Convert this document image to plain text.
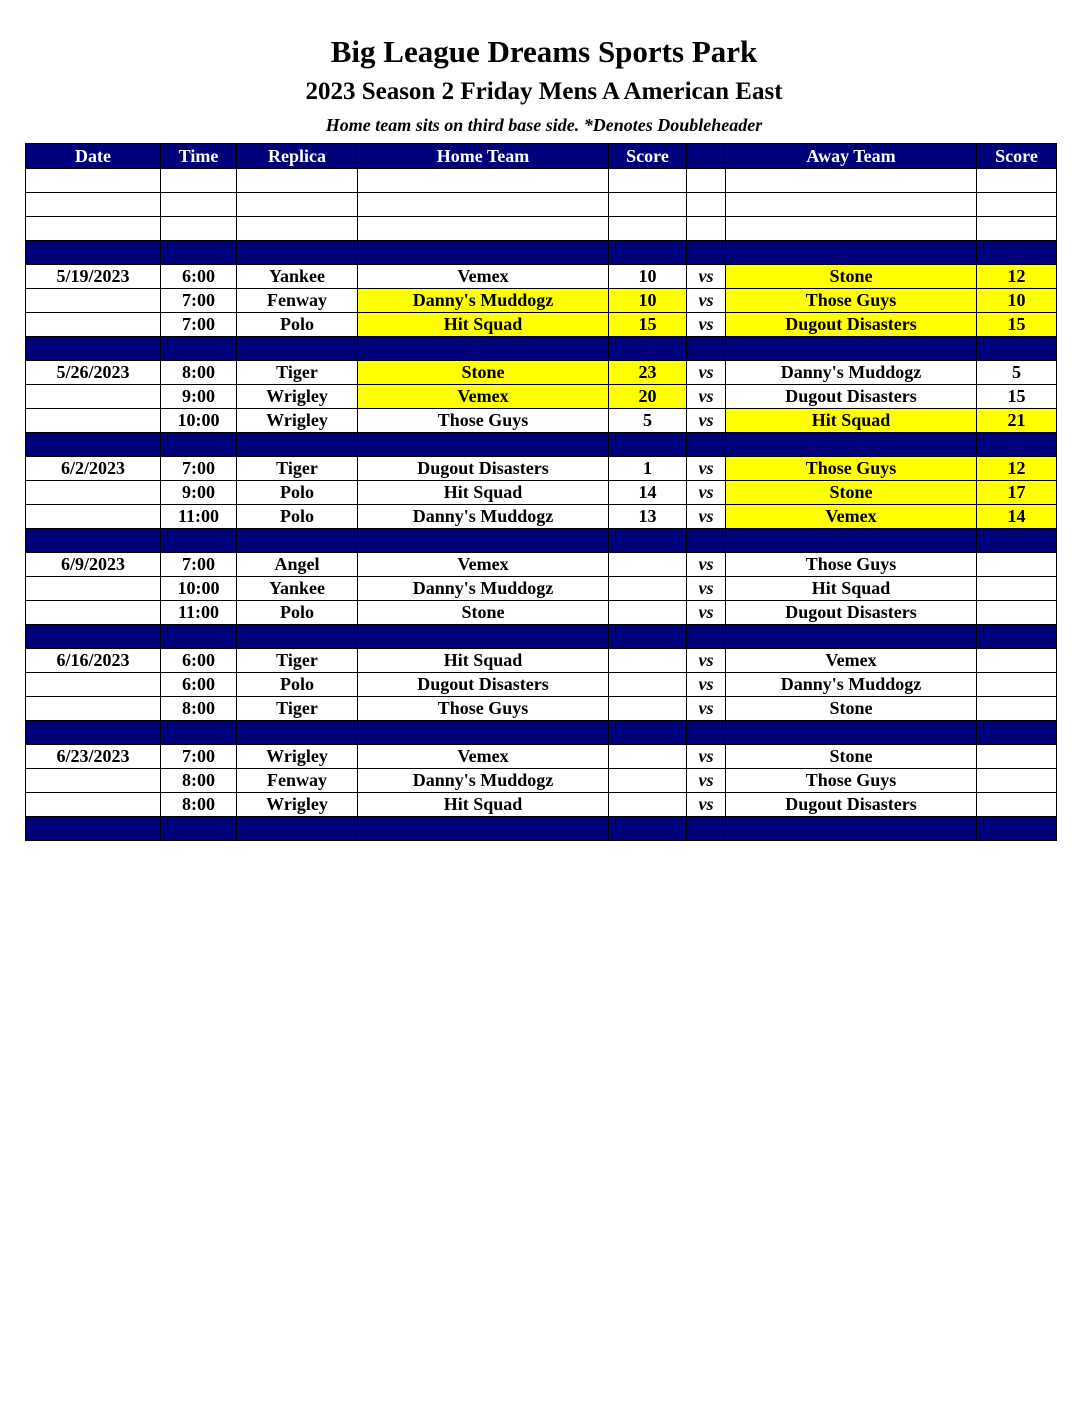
Big League Dreams Sports Park
2023 Season 2 Friday Mens A American East
Home team sits on third base side. *Denotes Doubleheader
Date	Time	Replica	Home Team	Score		Away Team	Score

5/19/2023	6:00	Yankee	Vemex	10	vs	Stone	12
	7:00	Fenway	Danny's Muddogz	10	vs	Those Guys	10
	7:00	Polo	Hit Squad	15	vs	Dugout Disasters	15

5/26/2023	8:00	Tiger	Stone	23	vs	Danny's Muddogz	5
	9:00	Wrigley	Vemex	20	vs	Dugout Disasters	15
	10:00	Wrigley	Those Guys	5	vs	Hit Squad	21

6/2/2023	7:00	Tiger	Dugout Disasters	1	vs	Those Guys	12
	9:00	Polo	Hit Squad	14	vs	Stone	17
	11:00	Polo	Danny's Muddogz	13	vs	Vemex	14

6/9/2023	7:00	Angel	Vemex		vs	Those Guys	
	10:00	Yankee	Danny's Muddogz		vs	Hit Squad	
	11:00	Polo	Stone		vs	Dugout Disasters	

6/16/2023	6:00	Tiger	Hit Squad		vs	Vemex	
	6:00	Polo	Dugout Disasters		vs	Danny's Muddogz	
	8:00	Tiger	Those Guys		vs	Stone	

6/23/2023	7:00	Wrigley	Vemex		vs	Stone	
	8:00	Fenway	Danny's Muddogz		vs	Those Guys	
	8:00	Wrigley	Hit Squad		vs	Dugout Disasters	
